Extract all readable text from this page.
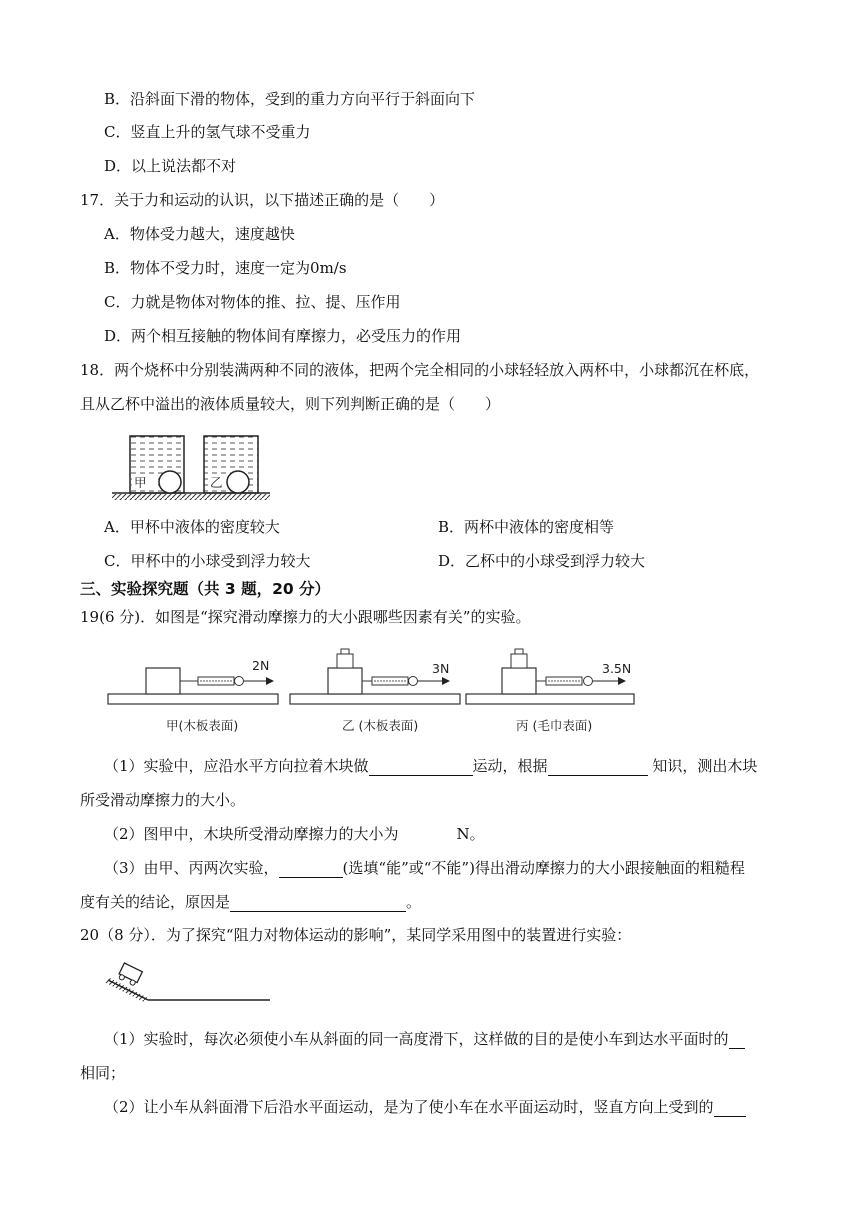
B．沿斜面下滑的物体，受到的重力方向平行于斜面向下
C．竖直上升的氢气球不受重力
D．以上说法都不对
17．关于力和运动的认识，以下描述正确的是（　　）
A．物体受力越大，速度越快
B．物体不受力时，速度一定为0m/s
C．力就是物体对物体的推、拉、提、压作用
D．两个相互接触的物体间有摩擦力，必受压力的作用
18．两个烧杯中分别装满两种不同的液体，把两个完全相同的小球轻轻放入两杯中，小球都沉在杯底，
且从乙杯中溢出的液体质量较大，则下列判断正确的是（　　）
甲	乙
A．甲杯中液体的密度较大	B．两杯中液体的密度相等
C．甲杯中的小球受到浮力较大	D．乙杯中的小球受到浮力较大
三、实验探究题（共 3 题，20 分）
19(6 分)．如图是“探究滑动摩擦力的大小跟哪些因素有关”的实验。
2N
甲(木板表面)
3N
乙 (木板表面)
3.5N
丙 (毛巾表面)
（1）实验中，应沿水平方向拉着木块做	运动，根据	知识，测出木块
所受滑动摩擦力的大小。
（2）图甲中，木块所受滑动摩擦力的大小为	N。
（3）由甲、丙两次实验，	(选填“能”或“不能”)得出滑动摩擦力的大小跟接触面的粗糙程
度有关的结论，原因是	。
20（8 分）．为了探究“阻力对物体运动的影响”，某同学采用图中的装置进行实验：
（1）实验时，每次必须使小车从斜面的同一高度滑下，这样做的目的是使小车到达水平面时的
相同；
（2）让小车从斜面滑下后沿水平面运动，是为了使小车在水平面运动时，竖直方向上受到的
